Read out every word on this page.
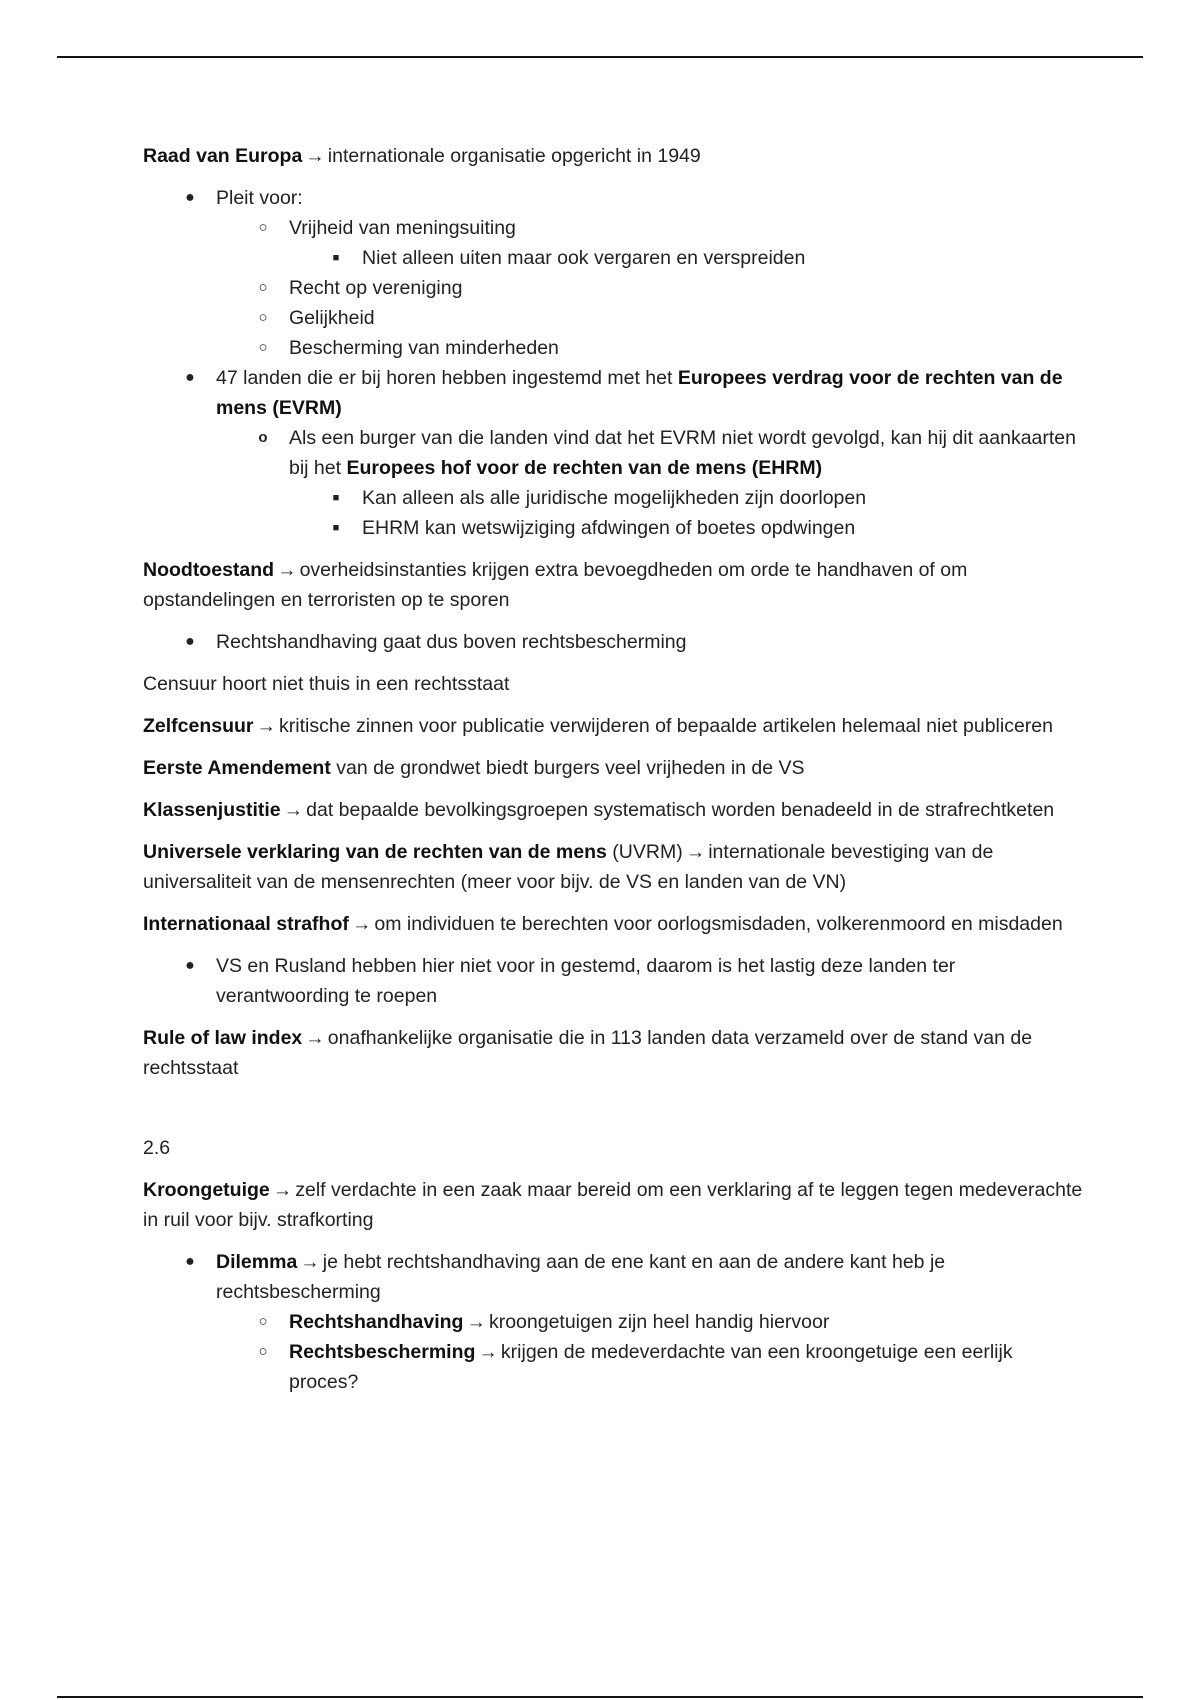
Raad van Europa → internationale organisatie opgericht in 1949

● Pleit voor:
○ Vrijheid van meningsuiting
■	Niet alleen uiten maar ook vergaren en verspreiden
○ Recht op vereniging
○ Gelijkheid
○ Bescherming van minderheden
● 47 landen die er bij horen hebben ingestemd met het Europees verdrag voor de rechten van de mens (EVRM)
o Als een burger van die landen vind dat het EVRM niet wordt gevolgd, kan hij dit aankaarten bij het Europees hof voor de rechten van de mens (EHRM)
■	Kan alleen als alle juridische mogelijkheden zijn doorlopen
■	EHRM kan wetswijziging afdwingen of boetes opdwingen

Noodtoestand → overheidsinstanties krijgen extra bevoegdheden om orde te handhaven of om opstandelingen en terroristen op te sporen

● Rechtshandhaving gaat dus boven rechtsbescherming

Censuur hoort niet thuis in een rechtsstaat

Zelfcensuur → kritische zinnen voor publicatie verwijderen of bepaalde artikelen helemaal niet publiceren

Eerste Amendement van de grondwet biedt burgers veel vrijheden in de VS

Klassenjustitie → dat bepaalde bevolkingsgroepen systematisch worden benadeeld in de strafrechtketen

Universele verklaring van de rechten van de mens (UVRM) → internationale bevestiging van de universaliteit van de mensenrechten (meer voor bijv. de VS en landen van de VN)

Internationaal strafhof → om individuen te berechten voor oorlogsmisdaden, volkerenmoord en misdaden

● VS en Rusland hebben hier niet voor in gestemd, daarom is het lastig deze landen ter verantwoording te roepen

Rule of law index → onafhankelijke organisatie die in 113 landen data verzameld over de stand van de rechtsstaat

2.6

Kroongetuige → zelf verdachte in een zaak maar bereid om een verklaring af te leggen tegen medeverachte in ruil voor bijv. strafkorting

● Dilemma → je hebt rechtshandhaving aan de ene kant en aan de andere kant heb je rechtsbescherming
○ Rechtshandhaving → kroongetuigen zijn heel handig hiervoor
○ Rechtsbescherming → krijgen de medeverdachte van een kroongetuige een eerlijk proces?
